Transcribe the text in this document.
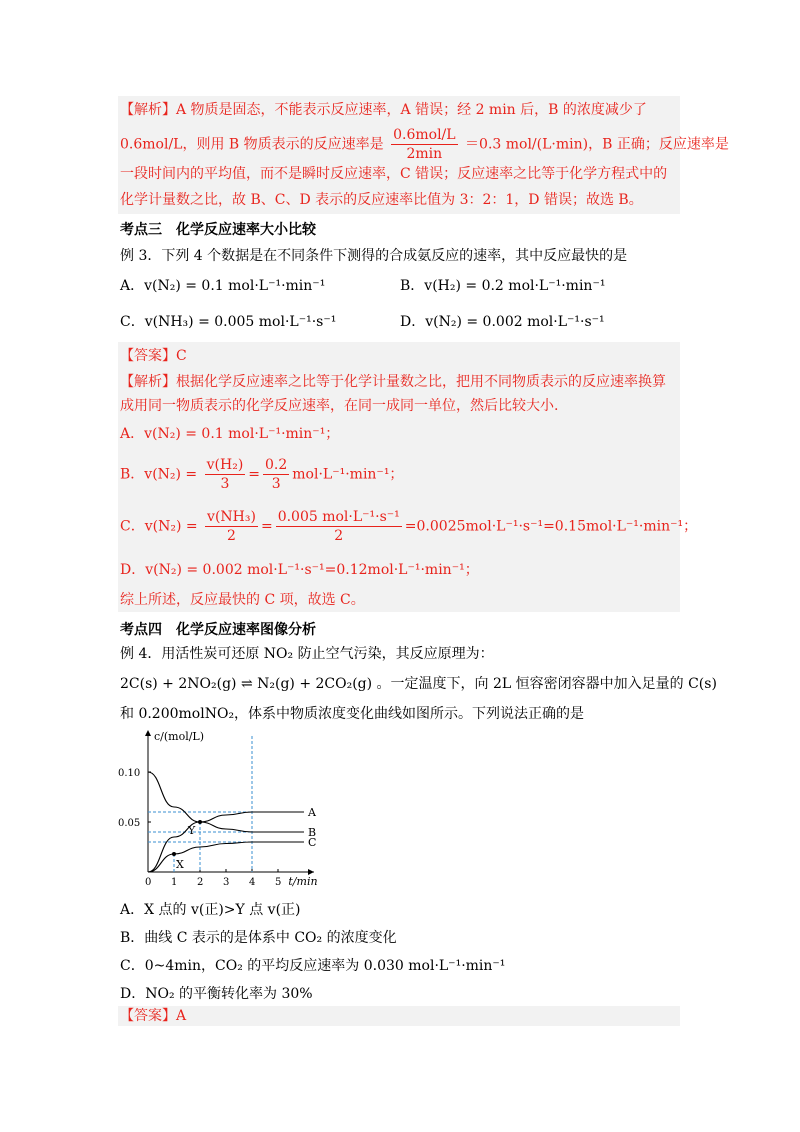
【解析】A 物质是固态，不能表示反应速率，A 错误；经 2 min 后，B 的浓度减少了
0.6mol/L，则用 B 物质表示的反应速率是 $\frac{\text{0.6mol/L}}{2\min} =0.3$ mol/(L·min)，B 正确；反应速率是
一段时间内的平均值，而不是瞬时反应速率，C 错误；反应速率之比等于化学方程式中的
化学计量数之比，故 B、C、D 表示的反应速率比值为 3：2：1，D 错误；故选 B。
考点三　化学反应速率大小比较
例 3．下列 4 个数据是在不同条件下测得的合成氨反应的速率，其中反应最快的是
A．v(N₂) = 0.1 mol·L⁻¹·min⁻¹	B．v(H₂) = 0.2 mol·L⁻¹·min⁻¹
C．v(NH₃) = 0.005 mol·L⁻¹·s⁻¹	D．v(N₂) = 0.002 mol·L⁻¹·s⁻¹
【答案】C
【解析】根据化学反应速率之比等于化学计量数之比，把用不同物质表示的反应速率换算
成用同一物质表示的化学反应速率，在同一成同一单位，然后比较大小.
A．v(N₂) = 0.1 mol·L⁻¹·min⁻¹；
B．$v(N_2) = \frac{\text{v(H₂)}}{3} = \frac{0.2}{3} mol\cdot L^{-1}\cdot\min^{-1}$；
C．$v(N_2) = \frac{\text{v(NH₃)}}{2} = \frac{\text{0.005 mol·L⁻¹·s⁻¹}}{2} =0.0025mol\cdot L^{-1}\cdot s^{-1}=0.15mol\cdot L^{-1}\cdot\min^{-1}$；
D．v(N₂) = 0.002 mol·L⁻¹·s⁻¹=0.12mol·L⁻¹·min⁻¹；
综上所述，反应最快的 C 项，故选 C。
考点四　化学反应速率图像分析
例 4．用活性炭可还原 NO₂ 防止空气污染，其反应原理为：
2C(s) + 2NO₂(g) ⇌ N₂(g) + 2CO₂(g) 。一定温度下，向 2L 恒容密闭容器中加入足量的 C(s)
和 0.200molNO₂，体系中物质浓度变化曲线如图所示。下列说法正确的是
c/(mol/L)
t/min
0 1 2 3 4 5
0.10
0.05
A
B
C
X
Y
A．X 点的 v(正)>Y 点 v(正)
B．曲线 C 表示的是体系中 CO₂ 的浓度变化
C．0~4min，CO₂ 的平均反应速率为 0.030 mol·L⁻¹·min⁻¹
D．NO₂ 的平衡转化率为 30%
【答案】A
